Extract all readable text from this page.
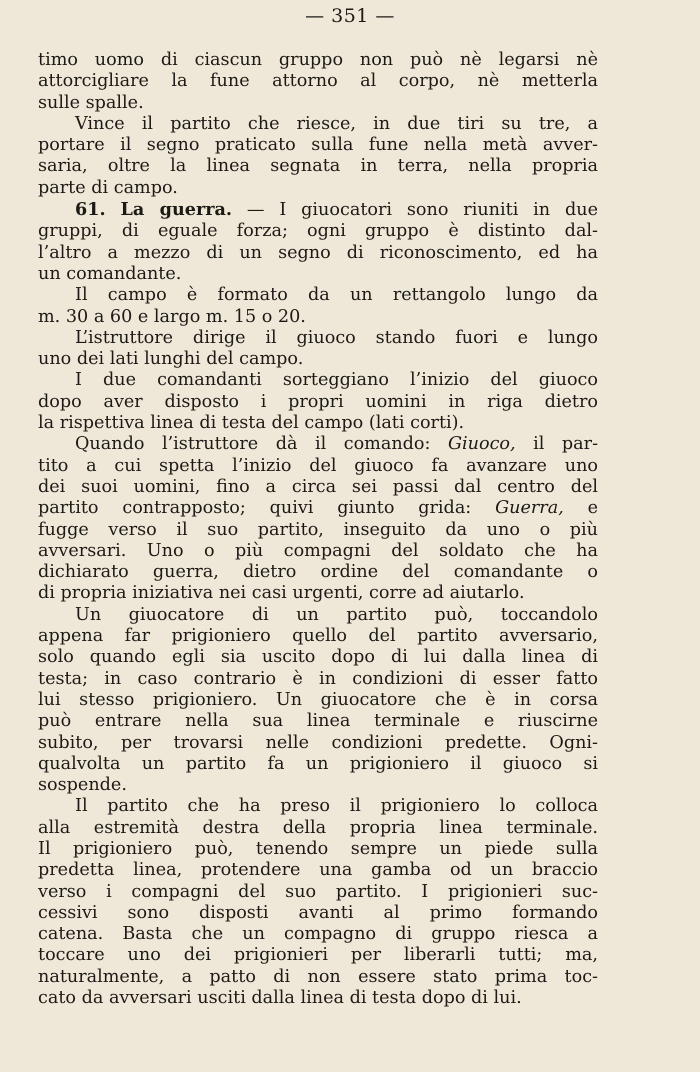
— 351 —
timo uomo di ciascun gruppo non può nè legarsi nè
attorcigliare la fune attorno al corpo, nè metterla
sulle spalle.
Vince il partito che riesce, in due tiri su tre, a
portare il segno praticato sulla fune nella metà avver-
saria, oltre la linea segnata in terra, nella propria
parte di campo.
61. La guerra. — I giuocatori sono riuniti in due
gruppi, di eguale forza; ogni gruppo è distinto dal-
l’altro a mezzo di un segno di riconoscimento, ed ha
un comandante.
Il campo è formato da un rettangolo lungo da
m. 30 a 60 e largo m. 15 o 20.
L’istruttore dirige il giuoco stando fuori e lungo
uno dei lati lunghi del campo.
I due comandanti sorteggiano l’inizio del giuoco
dopo aver disposto i propri uomini in riga dietro
la rispettiva linea di testa del campo (lati corti).
Quando l’istruttore dà il comando: Giuoco, il par-
tito a cui spetta l’inizio del giuoco fa avanzare uno
dei suoi uomini, fino a circa sei passi dal centro del
partito contrapposto; quivi giunto grida: Guerra, e
fugge verso il suo partito, inseguito da uno o più
avversari. Uno o più compagni del soldato che ha
dichiarato guerra, dietro ordine del comandante o
di propria iniziativa nei casi urgenti, corre ad aiutarlo.
Un giuocatore di un partito può, toccandolo
appena far prigioniero quello del partito avversario,
solo quando egli sia uscito dopo di lui dalla linea di
testa; in caso contrario è in condizioni di esser fatto
lui stesso prigioniero. Un giuocatore che è in corsa
può entrare nella sua linea terminale e riuscirne
subito, per trovarsi nelle condizioni predette. Ogni-
qualvolta un partito fa un prigioniero il giuoco si
sospende.
Il partito che ha preso il prigioniero lo colloca
alla estremità destra della propria linea terminale.
Il prigioniero può, tenendo sempre un piede sulla
predetta linea, protendere una gamba od un braccio
verso i compagni del suo partito. I prigionieri suc-
cessivi sono disposti avanti al primo formando
catena. Basta che un compagno di gruppo riesca a
toccare uno dei prigionieri per liberarli tutti; ma,
naturalmente, a patto di non essere stato prima toc-
cato da avversari usciti dalla linea di testa dopo di lui.
